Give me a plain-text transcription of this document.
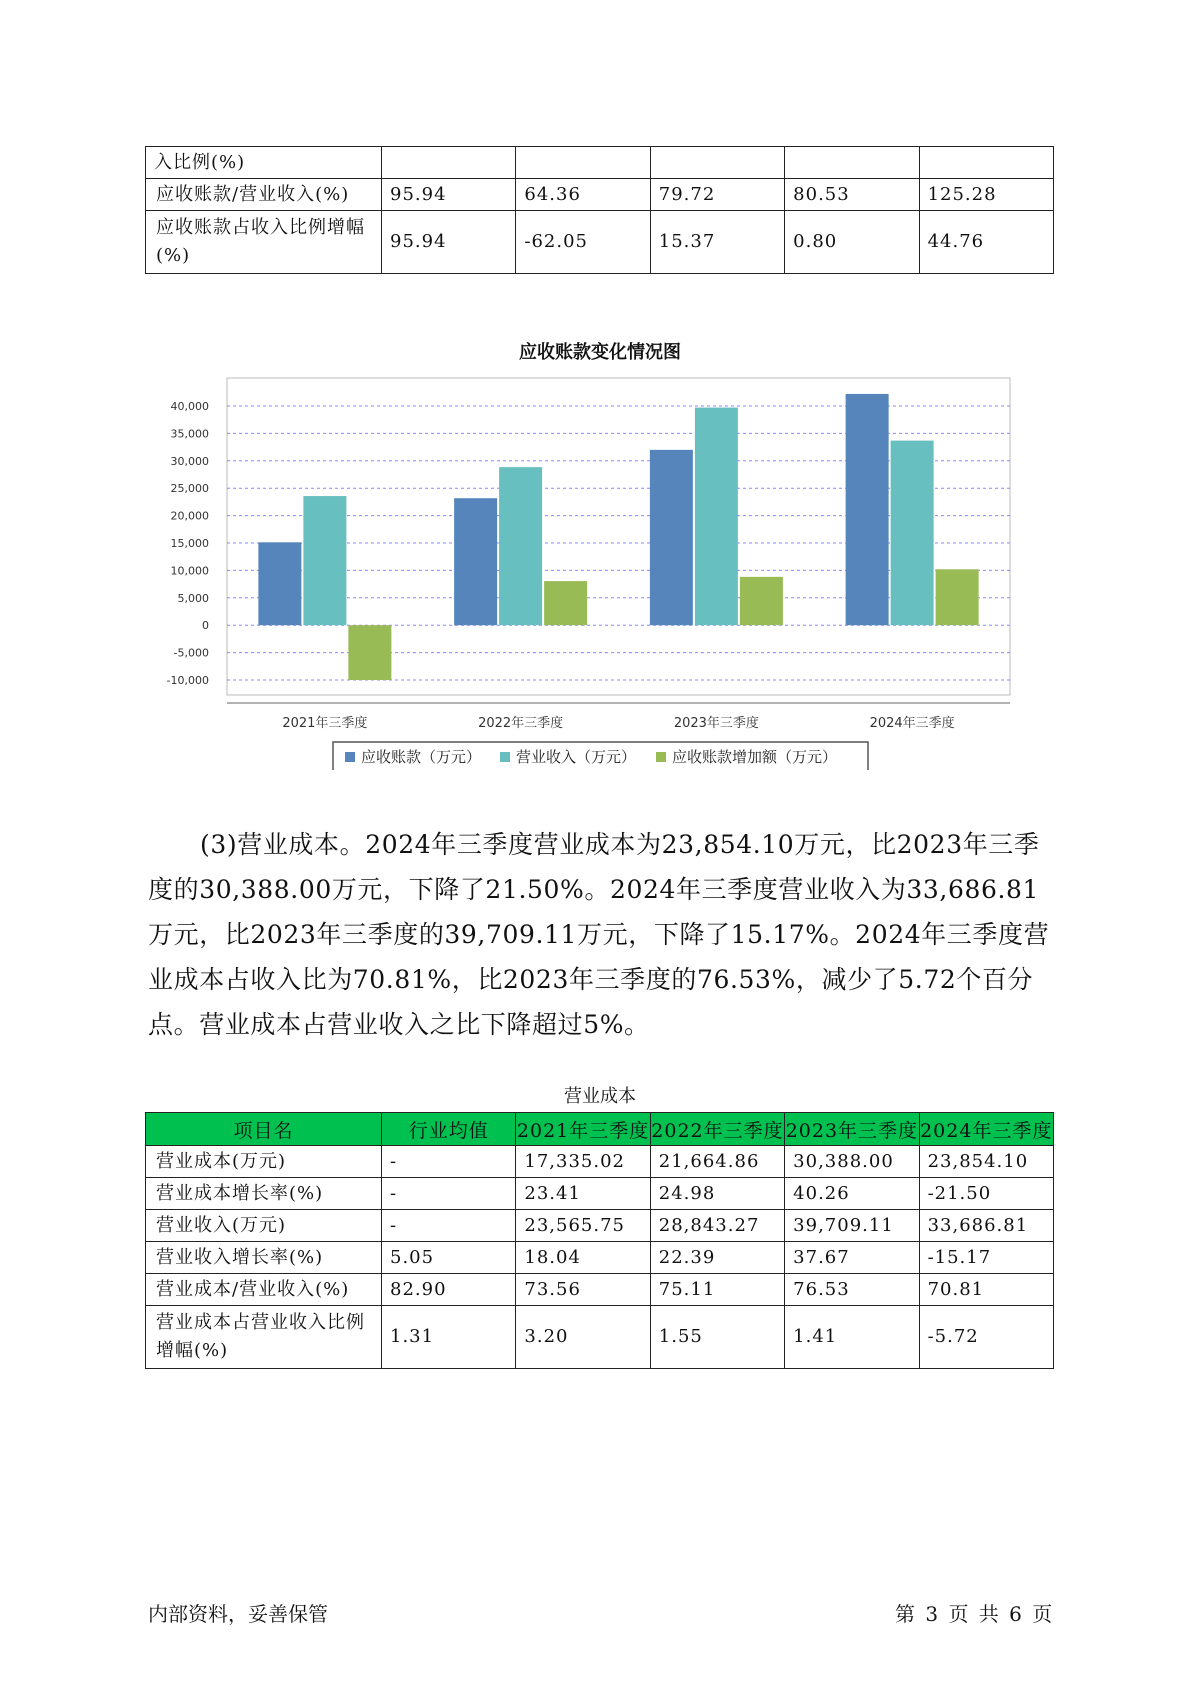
入比例(%)					
应收账款/营业收入(%)	95.94	64.36	79.72	80.53	125.28
应收账款占收入比例增幅(%)	95.94	-62.05	15.37	0.80	44.76
应收账款变化情况图
-10,000
-5,000
0
5,000
10,000
15,000
20,000
25,000
30,000
35,000
40,000
2021年三季度	2022年三季度	2023年三季度	2024年三季度
应收账款（万元） 营业收入（万元） 应收账款增加额（万元）

(3)营业成本。2024年三季度营业成本为23,854.10万元，比2023年三季度的30,388.00万元，下降了21.50%。2024年三季度营业收入为33,686.81万元，比2023年三季度的39,709.11万元，下降了15.17%。2024年三季度营业成本占收入比为70.81%，比2023年三季度的76.53%，减少了5.72个百分点。营业成本占营业收入之比下降超过5%。

营业成本
项目名	行业均值	2021年三季度	2022年三季度	2023年三季度	2024年三季度
营业成本(万元)	-	17,335.02	21,664.86	30,388.00	23,854.10
营业成本增长率(%)	-	23.41	24.98	40.26	-21.50
营业收入(万元)	-	23,565.75	28,843.27	39,709.11	33,686.81
营业收入增长率(%)	5.05	18.04	22.39	37.67	-15.17
营业成本/营业收入(%)	82.90	73.56	75.11	76.53	70.81
营业成本占营业收入比例增幅(%)	1.31	3.20	1.55	1.41	-5.72
内部资料，妥善保管	第 3 页 共 6 页
